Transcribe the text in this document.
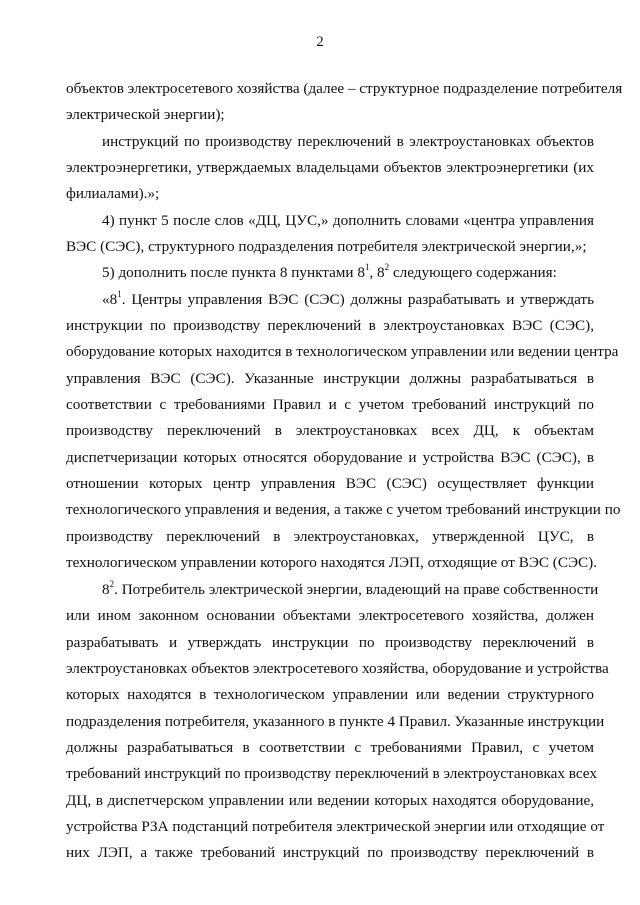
2
объектов электросетевого хозяйства (далее – структурное подразделение потребителя
электрической энергии);
инструкций по производству переключений в электроустановках объектов
электроэнергетики, утверждаемых владельцами объектов электроэнергетики (их
филиалами).»;
4) пункт 5 после слов «ДЦ, ЦУС,» дополнить словами «центра управления
ВЭС (СЭС), структурного подразделения потребителя электрической энергии,»;
5) дополнить после пункта 8 пунктами $8^1$, $8^2$ следующего содержания:
«$8^1$. Центры управления ВЭС (СЭС) должны разрабатывать и утверждать
инструкции по производству переключений в электроустановках ВЭС (СЭС),
оборудование которых находится в технологическом управлении или ведении центра
управления ВЭС (СЭС). Указанные инструкции должны разрабатываться в
соответствии с требованиями Правил и с учетом требований инструкций по
производству переключений в электроустановках всех ДЦ, к объектам
диспетчеризации которых относятся оборудование и устройства ВЭС (СЭС), в
отношении которых центр управления ВЭС (СЭС) осуществляет функции
технологического управления и ведения, а также с учетом требований инструкции по
производству переключений в электроустановках, утвержденной ЦУС, в
технологическом управлении которого находятся ЛЭП, отходящие от ВЭС (СЭС).
$8^2$. Потребитель электрической энергии, владеющий на праве собственности
или ином законном основании объектами электросетевого хозяйства, должен
разрабатывать и утверждать инструкции по производству переключений в
электроустановках объектов электросетевого хозяйства, оборудование и устройства
которых находятся в технологическом управлении или ведении структурного
подразделения потребителя, указанного в пункте 4 Правил. Указанные инструкции
должны разрабатываться в соответствии с требованиями Правил, с учетом
требований инструкций по производству переключений в электроустановках всех
ДЦ, в диспетчерском управлении или ведении которых находятся оборудование,
устройства РЗА подстанций потребителя электрической энергии или отходящие от
них ЛЭП, а также требований инструкций по производству переключений в
